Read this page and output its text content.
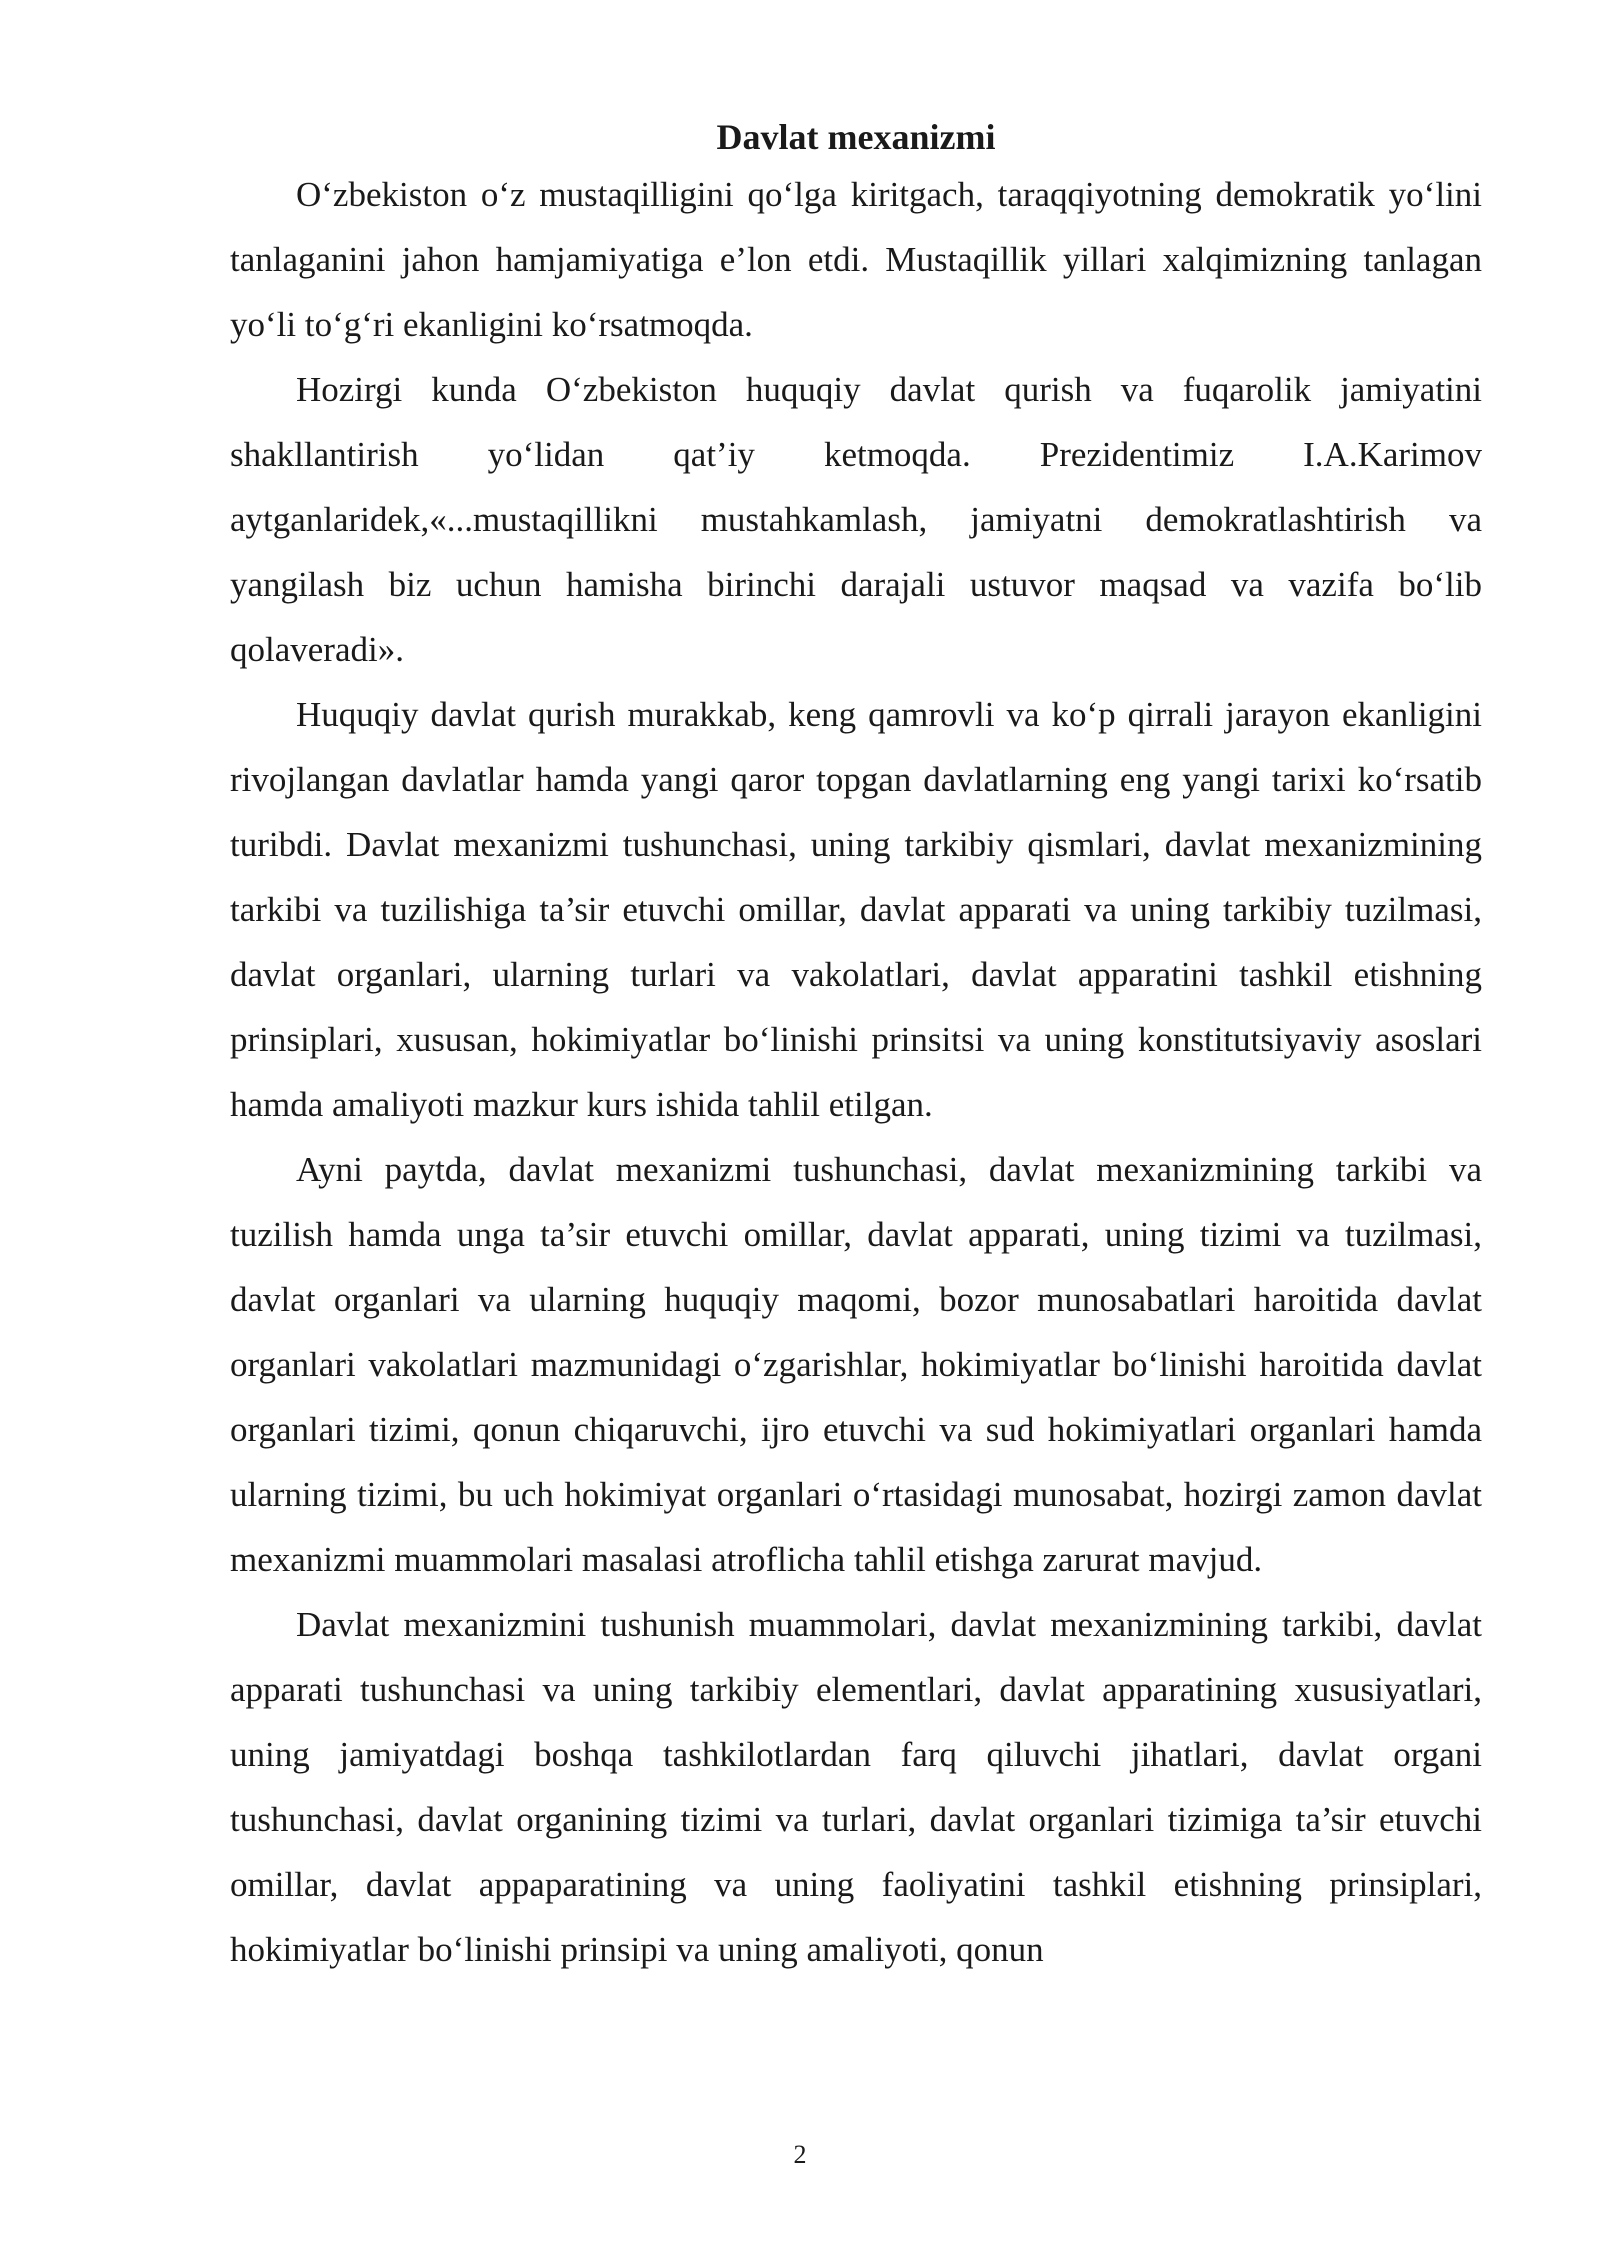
Davlat mexanizmi

O‘zbekiston o‘z mustaqilligini qo‘lga kiritgach, taraqqiyotning demokratik yo‘lini tanlaganini jahon hamjamiyatiga e’lon etdi. Mustaqillik yillari xalqimizning tanlagan yo‘li to‘g‘ri ekanligini ko‘rsatmoqda.

Hozirgi kunda O‘zbekiston huquqiy davlat qurish va fuqarolik jamiyatini shakllantirish yo‘lidan qat’iy ketmoqda. Prezidentimiz I.A.Karimov aytganlaridek,«...mustaqillikni mustahkamlash, jamiyatni demokratlashtirish va yangilash biz uchun hamisha birinchi darajali ustuvor maqsad va vazifa bo‘lib qolaveradi».

Huquqiy davlat qurish murakkab, keng qamrovli va ko‘p qirrali jarayon ekanligini rivojlangan davlatlar hamda yangi qaror topgan davlatlarning eng yangi tarixi ko‘rsatib turibdi. Davlat mexanizmi tushunchasi, uning tarkibiy qismlari, davlat mexanizmining tarkibi va tuzilishiga ta’sir etuvchi omillar, davlat apparati va uning tarkibiy tuzilmasi, davlat organlari, ularning turlari va vakolatlari, davlat apparatini tashkil etishning prinsiplari, xususan, hokimiyatlar bo‘linishi prinsitsi va uning konstitutsiyaviy asoslari hamda amaliyoti mazkur kurs ishida tahlil etilgan.

Ayni paytda, davlat mexanizmi tushunchasi, davlat mexanizmining tarkibi va tuzilish hamda unga ta’sir etuvchi omillar, davlat apparati, uning tizimi va tuzilmasi, davlat organlari va ularning huquqiy maqomi, bozor munosabatlari haroitida davlat organlari vakolatlari mazmunidagi o‘zgarishlar, hokimiyatlar bo‘linishi haroitida davlat organlari tizimi, qonun chiqaruvchi, ijro etuvchi va sud hokimiyatlari organlari hamda ularning tizimi, bu uch hokimiyat organlari o‘rtasidagi munosabat, hozirgi zamon davlat mexanizmi muammolari masalasi atroflicha tahlil etishga zarurat mavjud.

Davlat mexanizmini tushunish muammolari, davlat mexanizmining tarkibi, davlat apparati tushunchasi va uning tarkibiy elementlari, davlat apparatining xususiyatlari, uning jamiyatdagi boshqa tashkilotlardan farq qiluvchi jihatlari, davlat organi tushunchasi, davlat organining tizimi va turlari, davlat organlari tizimiga ta’sir etuvchi omillar, davlat appaparatining va uning faoliyatini tashkil etishning prinsiplari, hokimiyatlar bo‘linishi prinsipi va uning amaliyoti, qonun

2
